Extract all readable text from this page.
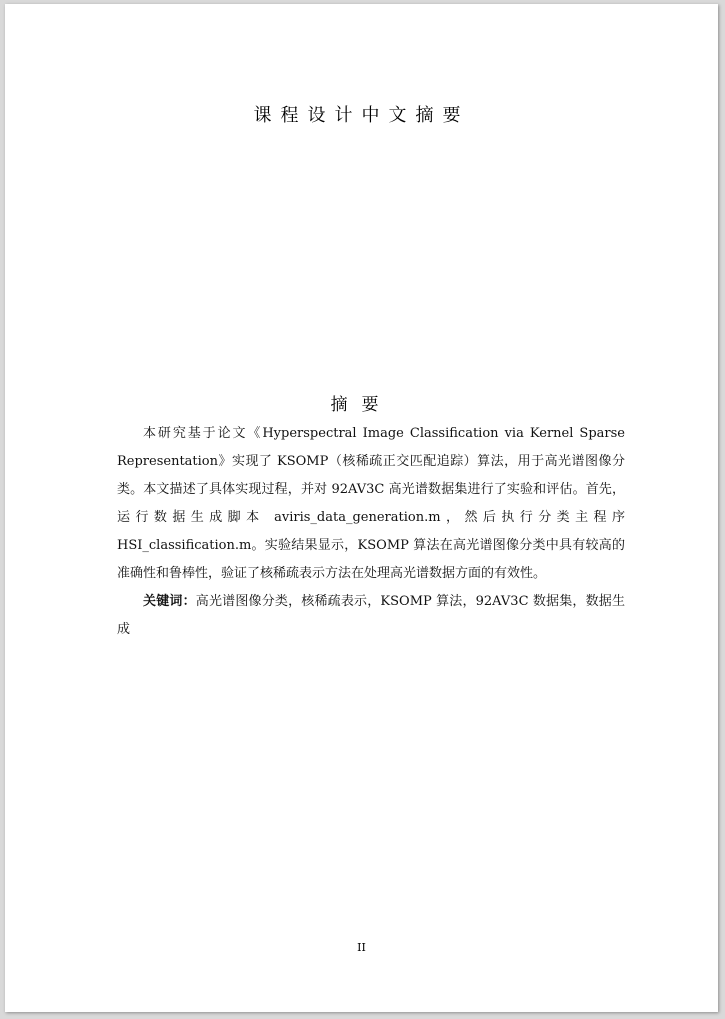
课程设计中文摘要
摘要

本研究基于论文《Hyperspectral Image Classification via Kernel Sparse Representation》实现了 KSOMP（核稀疏正交匹配追踪）算法，用于高光谱图像分类。本文描述了具体实现过程，并对 92AV3C 高光谱数据集进行了实验和评估。首先，运行数据生成脚本 aviris_data_generation.m，然后执行分类主程序 HSI_classification.m。实验结果显示，KSOMP 算法在高光谱图像分类中具有较高的准确性和鲁棒性，验证了核稀疏表示方法在处理高光谱数据方面的有效性。

关键词：高光谱图像分类，核稀疏表示，KSOMP 算法，92AV3C 数据集，数据生成

II
